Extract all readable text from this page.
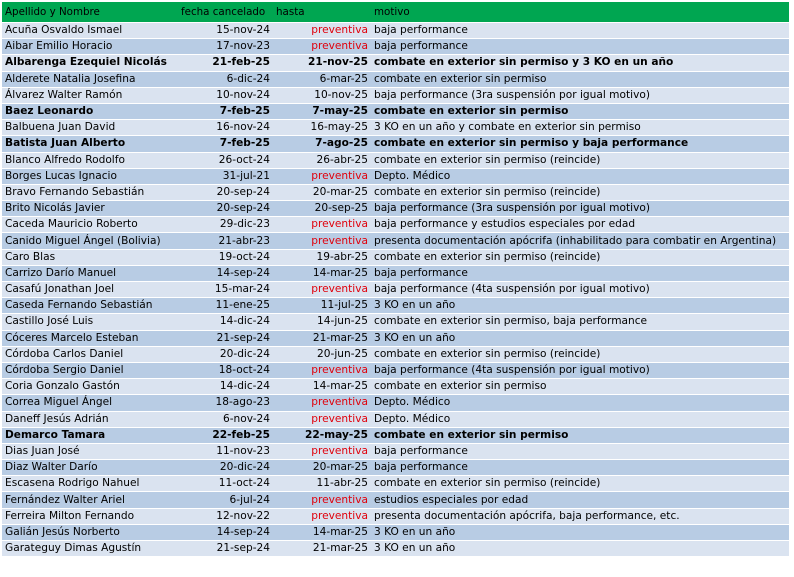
Apellido y Nombre	fecha cancelado	hasta	motivo
Acuña Osvaldo Ismael	15-nov-24	preventiva	baja performance
Aibar Emilio Horacio	17-nov-23	preventiva	baja performance
Albarenga Ezequiel Nicolás	21-feb-25	21-nov-25	combate en exterior sin permiso y 3 KO en un año
Alderete Natalia Josefina	6-dic-24	6-mar-25	combate en exterior sin permiso
Álvarez Walter Ramón	10-nov-24	10-nov-25	baja performance (3ra suspensión por igual motivo)
Baez Leonardo	7-feb-25	7-may-25	combate en exterior sin permiso
Balbuena Juan David	16-nov-24	16-may-25	3 KO en un año y combate en exterior sin permiso
Batista Juan Alberto	7-feb-25	7-ago-25	combate en exterior sin permiso y baja performance
Blanco Alfredo Rodolfo	26-oct-24	26-abr-25	combate en exterior sin permiso (reincide)
Borges Lucas Ignacio	31-jul-21	preventiva	Depto. Médico
Bravo Fernando Sebastián	20-sep-24	20-mar-25	combate en exterior sin permiso (reincide)
Brito Nicolás Javier	20-sep-24	20-sep-25	baja performance (3ra suspensión por igual motivo)
Caceda Mauricio Roberto	29-dic-23	preventiva	baja performance y estudios especiales por edad
Canido Miguel Ángel (Bolivia)	21-abr-23	preventiva	presenta documentación apócrifa (inhabilitado para combatir en Argentina)
Caro Blas	19-oct-24	19-abr-25	combate en exterior sin permiso (reincide)
Carrizo Darío Manuel	14-sep-24	14-mar-25	baja performance
Casafú Jonathan Joel	15-mar-24	preventiva	baja performance (4ta suspensión por igual motivo)
Caseda Fernando Sebastián	11-ene-25	11-jul-25	3 KO en un año
Castillo José Luis	14-dic-24	14-jun-25	combate en exterior sin permiso, baja performance
Cóceres Marcelo Esteban	21-sep-24	21-mar-25	3 KO en un año
Córdoba Carlos Daniel	20-dic-24	20-jun-25	combate en exterior sin permiso (reincide)
Córdoba Sergio Daniel	18-oct-24	preventiva	baja performance (4ta suspensión por igual motivo)
Coria Gonzalo Gastón	14-dic-24	14-mar-25	combate en exterior sin permiso
Correa Miguel Ángel	18-ago-23	preventiva	Depto. Médico
Daneff Jesús Adrián	6-nov-24	preventiva	Depto. Médico
Demarco Tamara	22-feb-25	22-may-25	combate en exterior sin permiso
Dias Juan José	11-nov-23	preventiva	baja performance
Diaz Walter Darío	20-dic-24	20-mar-25	baja performance
Escasena Rodrigo Nahuel	11-oct-24	11-abr-25	combate en exterior sin permiso (reincide)
Fernández Walter Ariel	6-jul-24	preventiva	estudios especiales por edad
Ferreira Milton Fernando	12-nov-22	preventiva	presenta documentación apócrifa, baja performance, etc.
Galián Jesús Norberto	14-sep-24	14-mar-25	3 KO en un año
Garateguy Dimas Agustín	21-sep-24	21-mar-25	3 KO en un año
